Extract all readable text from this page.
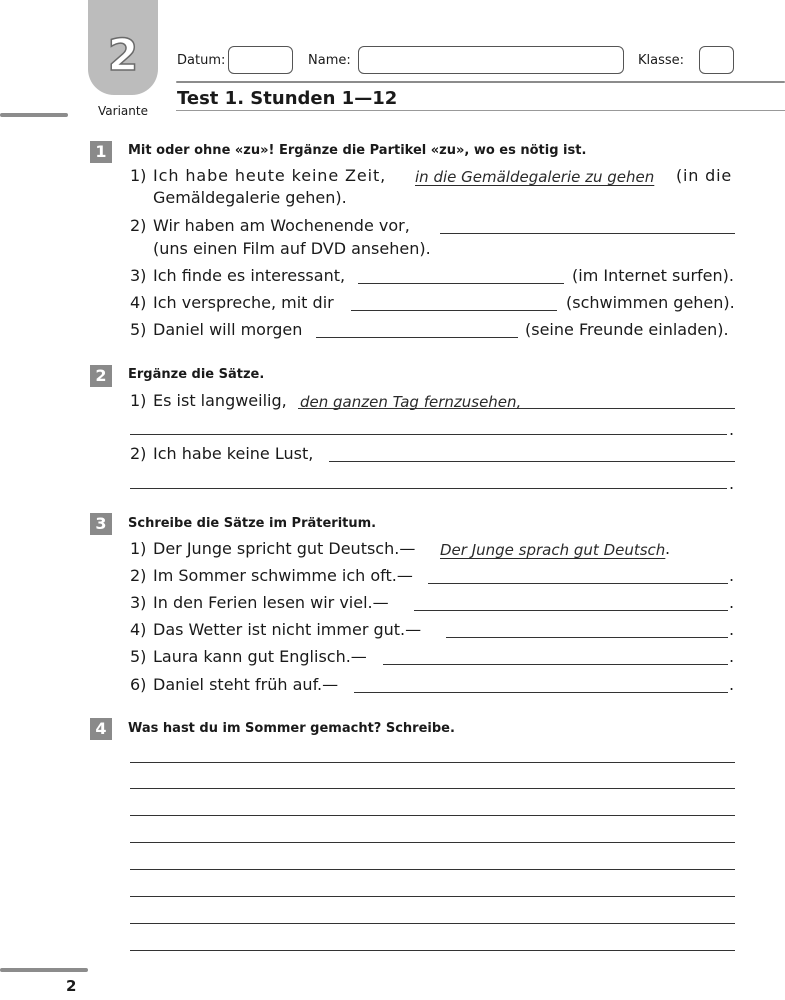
2
Variante
Datum:	Name:	Klasse:
Test 1. Stunden 1—12
1	Mit oder ohne «zu»! Ergänze die Partikel «zu», wo es nötig ist.
1) Ich habe heute keine Zeit, in die Gemäldegalerie zu gehen (in die
Gemäldegalerie gehen).
2) Wir haben am Wochenende vor,
(uns einen Film auf DVD ansehen).
3) Ich finde es interessant,	(im Internet surfen).
4) Ich verspreche, mit dir	(schwimmen gehen).
5) Daniel will morgen	(seine Freunde einladen).
2	Ergänze die Sätze.
1) Es ist langweilig, den ganzen Tag fernzusehen,
.
2) Ich habe keine Lust,
.
3	Schreibe die Sätze im Präteritum.
1) Der Junge spricht gut Deutsch.— Der Junge sprach gut Deutsch .
2) Im Sommer schwimme ich oft.—	.
3) In den Ferien lesen wir viel.—	.
4) Das Wetter ist nicht immer gut.—	.
5) Laura kann gut Englisch.—	.
6) Daniel steht früh auf.—	.
4	Was hast du im Sommer gemacht? Schreibe.
2
